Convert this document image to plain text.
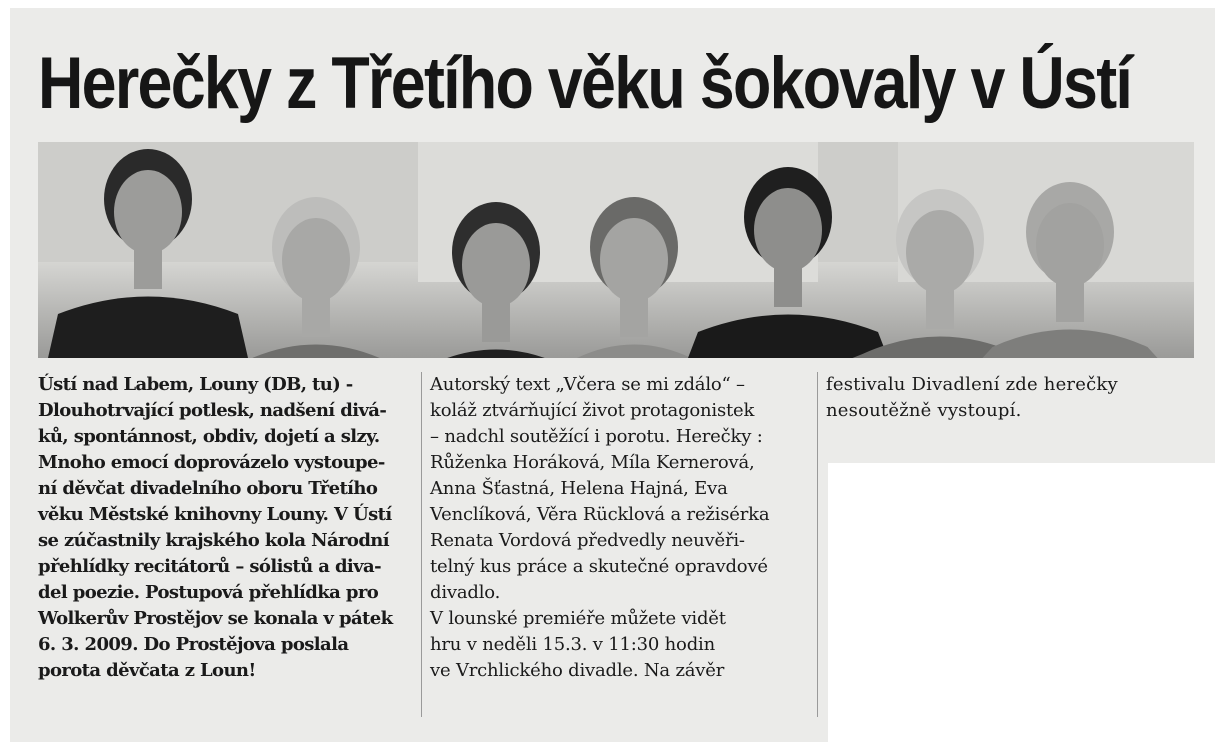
Herečky z Třetího věku šokovaly v Ústí

Ústí nad Labem, Louny (DB, tu) -

Dlouhotrvající potlesk, nadšení divá-

ků, spontánnost, obdiv, dojetí a slzy.

Mnoho emocí doprovázelo vystoupe-

ní děvčat divadelního oboru Třetího

věku Městské knihovny Louny. V Ústí

se zúčastnily krajského kola Národní

přehlídky recitátorů – sólistů a diva-

del poezie. Postupová přehlídka pro

Wolkerův Prostějov se konala v pátek

6. 3. 2009. Do Prostějova poslala

porota děvčata z Loun!

Autorský text „Včera se mi zdálo“ –

koláž ztvárňující život protagonistek

– nadchl soutěžící i porotu. Herečky :

Růženka Horáková, Míla Kernerová,

Anna Šťastná, Helena Hajná, Eva

Venclíková, Věra Rücklová a režisérka

Renata Vordová předvedly neuvěři-

telný kus práce a skutečné opravdové

divadlo.

V lounské premiéře můžete vidět

hru v neděli 15.3. v 11:30 hodin

ve Vrchlického divadle. Na závěr

festivalu Divadlení zde herečky

nesoutěžně vystoupí.
